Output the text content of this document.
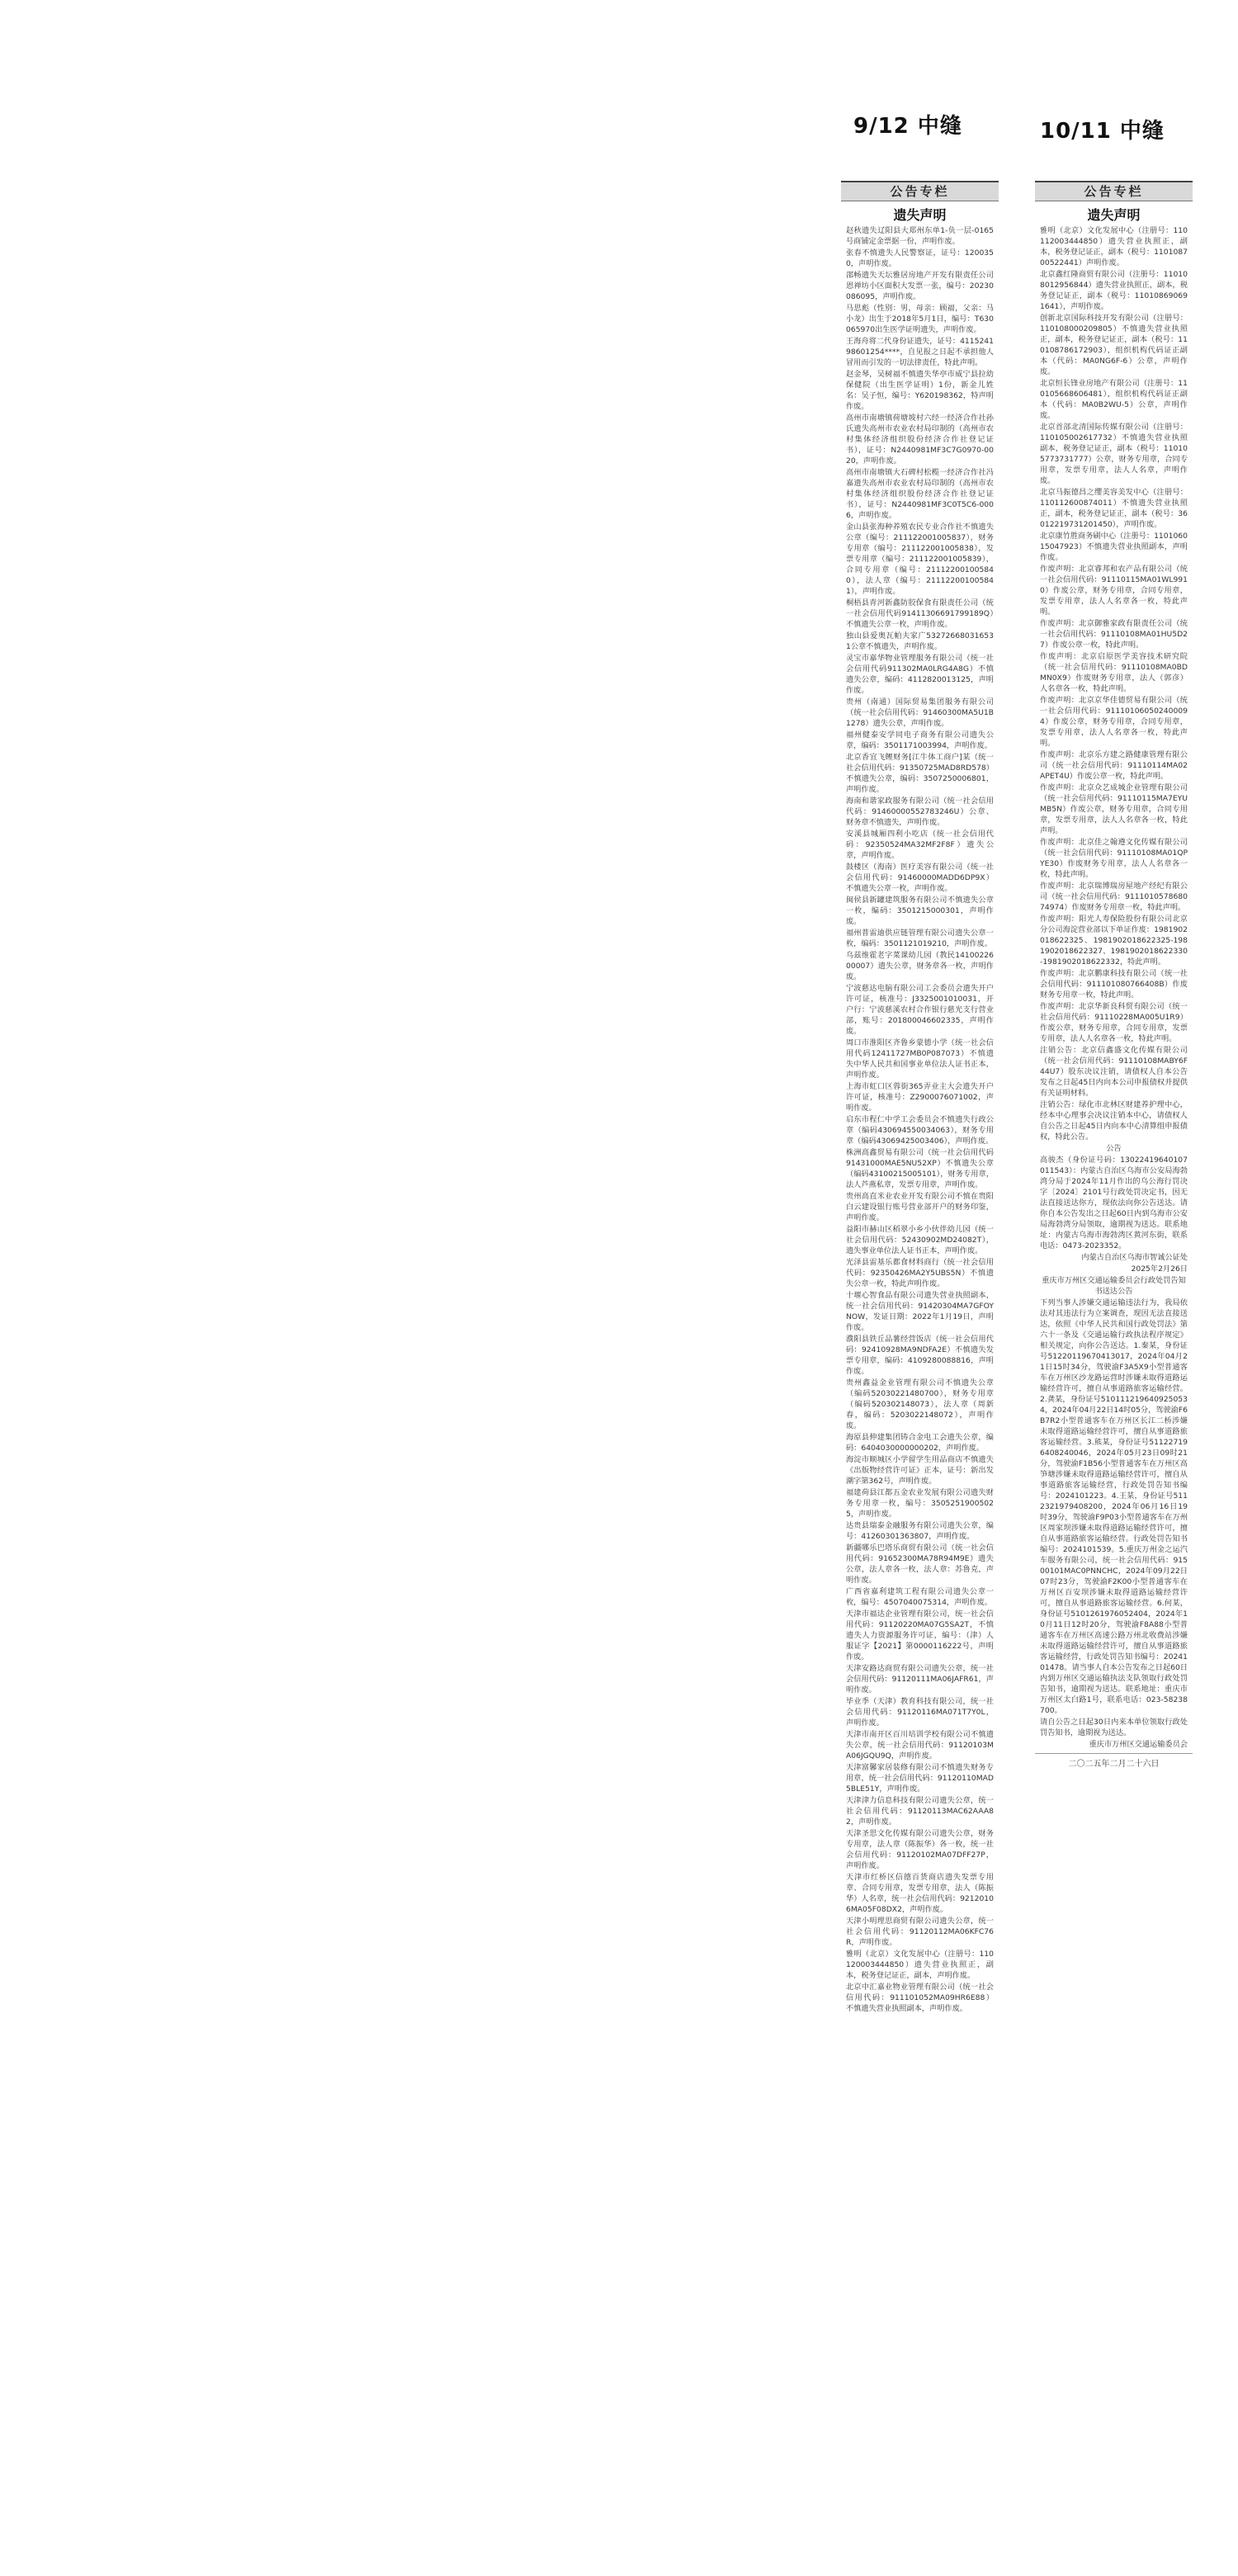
9/12 中缝	10/11 中缝
公告专栏
遗失声明

赵秋遗失辽阳县大郑州东单1-负一层-0165号商铺定金票据一份，声明作废。

张春不慎遗失人民警察证，证号：1200350，声明作废。

邵畅遗失天坛雅居房地产开发有限责任公司恩禅坊小区面积大发票一张，编号：20230086095，声明作废。

马思彪（性别：男，母亲：顾福，父亲：马小龙）出生于2018年5月1日，编号：T630065970出生医学证明遗失，声明作废。

王海舟将二代身份证遗失，证号：411524198601254****，自见报之日起不承担他人冒用而引发的一切法律责任，特此声明。

赵金琴，吴树福不慎遗失华亭市威宁县拉幼保健院（出生医学证明）1份，新金儿姓名：吴子恒，编号：Y620198362，特声明作废。

高州市南塘镇荷塘坡村六经一经济合作社孙氏遗失高州市农业农村局印制的（高州市农村集体经济组织股份经济合作社登记证书），证号：N2440981MF3C7G0970-0020，声明作废。

高州市南塘镇大石碑村松榄一经济合作社冯嘉遗失高州市农业农村局印制的（高州市农村集体经济组织股份经济合作社登记证书），证号：N2440981MF3C0T5C6-0006，声明作废。

金山县张海种养殖农民专业合作社不慎遗失公章（编号：211122001005837），财务专用章（编号：211122001005838），发票专用章（编号：211122001005839），合同专用章（编号：211122001005840），法人章（编号：211122001005841），声明作废。

桐梧县青河新鑫防胶保食有限责任公司（统一社会信用代码91411306691799189Q）不慎遗失公章一枚，声明作废。

独山县爱奥瓦帕夫家广532726680316531公章不慎遗失，声明作废。

灵宝市嘉华物业管理服务有限公司（统一社会信用代码911302MA0LRG4A8G）不慎遗失公章，编码：4112820013125，声明作废。

贵州（南通）国际贸易集团服务有限公司（统一社会信用代码：91460300MA5U1B1278）遗失公章，声明作废。

福州健泰安学同电子商务有限公司遗失公章，编码：3501171003994，声明作废。

北京香宜飞鲤财务[江牛体工商户]某（统一社会信用代码：91350725MAD8RD578）不慎遗失公章，编码：3507250006801，声明作废。

海南和谐家政服务有限公司（统一社会信用代码：91460000552783246U）公章、财务章不慎遗失，声明作废。

安溪县城厢四利小吃店（统一社会信用代码：92350524MA32MF2F8F）遗失公章，声明作废。

鼓楼区（海南）医疗美容有限公司（统一社会信用代码：91460000MADD6DP9X）不慎遗失公章一枚，声明作废。

闽侯县新罐建筑服务有限公司不慎遗失公章一枚，编码：3501215000301，声明作废。

福州普雷迪供应链管理有限公司遗失公章一枚，编码：3501121019210，声明作废。

乌兹维霍老字菜课幼儿园（教民1410022600007）遗失公章，财务章各一枚，声明作废。

宁波慈达电脑有限公司工会委员会遗失开户许可证，核准号：J3325001010031，开户行：宁波慈溪农村合作银行慈光支行营业部，账号：201800046602335，声明作废。

周口市淮阳区齐鲁乡蒙德小学（统一社会信用代码12411727MB0P087073）不慎遗失中华人民共和国事业单位法人证书正本，声明作废。

上海市虹口区蓉街365弄业主大会遗失开户许可证，核准号：Z2900076071002，声明作废。

启东市程仁中学工会委员会不慎遗失行政公章（编码430694550034063），财务专用章（编码43069425003406），声明作废。

株洲高鑫贸易有限公司（统一社会信用代码91431000MAE5NU52XP）不慎遗失公章（编码43100215005101），财务专用章，法人芦燕私章，发票专用章，声明作废。

贵州高直米业农业开发有限公司不慎在贵阳白云建设银行账号营业部开户的财务印鉴，声明作废。

益阳市赫山区稻翠小乡小伙伴幼儿园（统一社会信用代码：52430902MD24082T），遗失事业单位法人证书正本，声明作废。

光泽县雷基乐都食材料商行（统一社会信用代码：92350426MA2Y5UBS5N）不慎遗失公章一枚，特此声明作废。

十堰心智食品有限公司遗失营业执照副本，统一社会信用代码：91420304MA7GFOYNOW，发证日期：2022年1月19日，声明作废。

濮阳县铁丘品薯经营饭店（统一社会信用代码：92410928MA9NDFA2E）不慎遗失发票专用章，编码：4109280088816，声明作废。

贵州鑫益金业管理有限公司不慎遗失公章（编码52030221480700），财务专用章（编码520302148073），法人章（周新春，编码：5203022148072），声明作废。

海原县伸建集团铸合金电工会遗失公章，编码：6404030000000202，声明作废。

海淀市顺城区小学留学生用品商店不慎遗失《出版物经营许可证》正本，证号：新出发潮字第362号，声明作废。

福建荷县江都五金农业发展有限公司遗失财务专用章一枚，编号：35052519005025，声明作废。

达贵县瑞泰金融服务有限公司遗失公章，编号：41260301363807，声明作废。

新疆哪乐巴塔乐商贸有限公司（统一社会信用代码：91652300MA78R94M9E）遗失公章，法人章各一枚，法人章：苏鲁克，声明作废。

广西省嘉利建筑工程有限公司遗失公章一枚，编号：4507040075314，声明作废。

天津市福达企业管理有限公司，统一社会信用代码：91120220MA07G5SA2T，不慎遗失人力资源服务许可证，编号：（津）人服证字【2021】第0000116222号，声明作废。

天津安路达商贸有限公司遗失公章，统一社会信用代码：91120111MA06JAFR61，声明作废。

毕业季（天津）教育科技有限公司，统一社会信用代码：91120116MA071T7Y0L，声明作废。

天津市南开区百川培训学校有限公司不慎遗失公章，统一社会信用代码：91120103MA06JGQU9Q，声明作废。

天津富馨家居装修有限公司不慎遗失财务专用章，统一社会信用代码：91120110MAD5BLE51Y，声明作废。

天津津力信息科技有限公司遗失公章，统一社会信用代码：91120113MAC62AAA82，声明作废。

天津圣思文化传媒有限公司遗失公章，财务专用章，法人章（陈振华）各一枚，统一社会信用代码：91120102MA07DFF27P，声明作废。

天津市红桥区信德百货商店遗失发票专用章、合同专用章，发票专用章，法人（陈振华）人名章，统一社会信用代码：92120106MA05F08DX2，声明作废。

天津小明理思商贸有限公司遗失公章，统一社会信用代码：91120112MA06KFC76R，声明作废。

雅明（北京）文化发展中心（注册号：110120003444850）遗失营业执照正，副本，税务登记证正，副本，声明作废。

北京中汇嘉业物业管理有限公司（统一社会信用代码：911101052MA09HR6E88）不慎遗失营业执照副本，声明作废。

公告专栏
遗失声明

雅明（北京）文化发展中心（注册号：110112003444850）遗失营业执照正，副本，税务登记证正，副本（税号：110108700522441）声明作废。

北京鑫红隆商贸有限公司（注册号：110108012956844）遗失营业执照正，副本，税务登记证正，副本（税号：110108690691641），声明作废。

创新北京国际科技开发有限公司（注册号：110108000209805）不慎遗失营业执照正，副本，税务登记证正，副本（税号：110108786172903），组织机构代码证正副本（代码：MA0NG6F-6）公章，声明作废。

北京恒长锋业房地产有限公司（注册号：110105668606481），组织机构代码证正副本（代码：MA0B2WU-5）公章，声明作废。

北京首部北清国际传媒有限公司（注册号：110105002617732）不慎遗失营业执照副本，税务登记证正，副本（税号：110105773731777）公章，财务专用章，合同专用章，发票专用章，法人人名章，声明作废。

北京马振德昌之缨美容美发中心（注册号：110112600874011）不慎遗失营业执照正，副本，税务登记证正，副本（税号：36012219731201450），声明作废。

北京康竹胜商务刷中心（注册号：110106015047923）不慎遗失营业执照副本，声明作废。

作废声明：北京睿邦和农产品有限公司（统一社会信用代码：91110115MA01WL9910）作废公章，财务专用章，合同专用章，发票专用章，法人人名章各一枚，特此声明。

作废声明：北京御雅家政有限责任公司（统一社会信用代码：91110108MA01HU5D27）作废公章一枚，特此声明。

作废声明：北京启原医学美容技术研究院（统一社会信用代码：91110108MA0BDMN0X9）作废财务专用章，法人（郭彦）人名章各一枚，特此声明。

作废声明：北京京华佳德贸易有限公司（统一社会信用代码：911101060502400094）作废公章，财务专用章，合同专用章，发票专用章，法人人名章各一枚，特此声明。

作废声明：北京乐方建之路健康管理有限公司（统一社会信用代码：91110114MA02APET4U）作废公章一枚，特此声明。

作废声明：北京众艺成城企业管理有限公司（统一社会信用代码：91110115MA7EYUMB5N）作废公章，财务专用章，合同专用章，发票专用章，法人人名章各一枚，特此声明。

作废声明：北京佳之翰遵文化传媒有限公司（统一社会信用代码：91110108MA01QPYE30）作废财务专用章，法人人名章各一枚，特此声明。

作废声明：北京瑞博瑞房屋地产经纪有限公司（统一社会信用代码：911101057868074974）作废财务专用章一枚，特此声明。

作废声明：阳光人寿保险股份有限公司北京分公司海淀营业部以下单证作废：1981902018622325、1981902018622325-1981902018622327、1981902018622330-1981902018622332，特此声明。

作废声明：北京鹏康科技有限公司（统一社会信用代码：911101080766408B）作废财务专用章一枚，特此声明。

作废声明：北京华新良科贸有限公司（统一社会信用代码：91110228MA005U1R9）作废公章，财务专用章，合同专用章，发票专用章，法人人名章各一枚，特此声明。

注销公告：北京信鑫盛文化传媒有限公司（统一社会信用代码：91110108MABY6F44U7）股东决议注销，请债权人自本公告发布之日起45日内向本公司申报债权并提供有关证明材料。

注销公告：绿化市北林区财建养护理中心，经本中心理事会决议注销本中心，请债权人自公告之日起45日内向本中心清算组申报债权，特此公告。

公告

高骏杰（身份证号码：13022419640107011543）：内蒙古自治区乌海市公安局海勃湾分局于2024年11月作出的乌公海行罚决字〔2024〕2101号行政处罚决定书，因无法直接送达你方，现依法向你公告送达。请你自本公告发出之日起60日内到乌海市公安局海勃湾分局领取，逾期视为送达。联系地址：内蒙古乌海市海勃湾区黄河东街，联系电话：0473-2023352。

内蒙古自治区乌海市智诚公证处

2025年2月26日

重庆市万州区交通运输委员会行政处罚告知书送达公告

下列当事人涉嫌交通运输违法行为，我局依法对其违法行为立案调查，现因无法直接送达，依照《中华人民共和国行政处罚法》第六十一条及《交通运输行政执法程序规定》相关规定，向你公告送达。1.秦某，身份证号51220119670413017，2024年04月21日15时34分，驾驶渝F3A5X9小型普通客车在万州区沙龙路运营时涉嫌未取得道路运输经营许可，擅自从事道路旅客运输经营。2.龚某，身份证号5101112196409250534，2024年04月22日14时05分，驾驶渝F6B7R2小型普通客车在万州区长江二桥涉嫌未取得道路运输经营许可，擅自从事道路旅客运输经营。3.熊某，身份证号511227196408240046，2024年05月23日09时21分，驾驶渝F1B56小型普通客车在万州区高笋塘涉嫌未取得道路运输经营许可，擅自从事道路旅客运输经营，行政处罚告知书编号：2024101223。4.王某，身份证号5112321979408200，2024年06月16日19时39分，驾驶渝F9P03小型普通客车在万州区周家坝涉嫌未取得道路运输经营许可，擅自从事道路旅客运输经营。行政处罚告知书编号：2024101539。5.重庆万州金之运汽车服务有限公司，统一社会信用代码：91500101MAC0PNNCHC，2024年09月22日07时23分，驾驶渝F2K00小型普通客车在万州区百安坝涉嫌未取得道路运输经营许可，擅自从事道路旅客运输经营。6.何某，身份证号5101261976052404，2024年10月11日12时20分，驾驶渝F8A88小型普通客车在万州区高速公路万州北收费站涉嫌未取得道路运输经营许可，擅自从事道路旅客运输经营，行政处罚告知书编号：2024101478。请当事人自本公告发布之日起60日内到万州区交通运输执法支队领取行政处罚告知书，逾期视为送达。联系地址：重庆市万州区太白路1号，联系电话：023-58238700。

请自公告之日起30日内来本单位领取行政处罚告知书，逾期视为送达。

重庆市万州区交通运输委员会

二〇二五年二月二十六日
